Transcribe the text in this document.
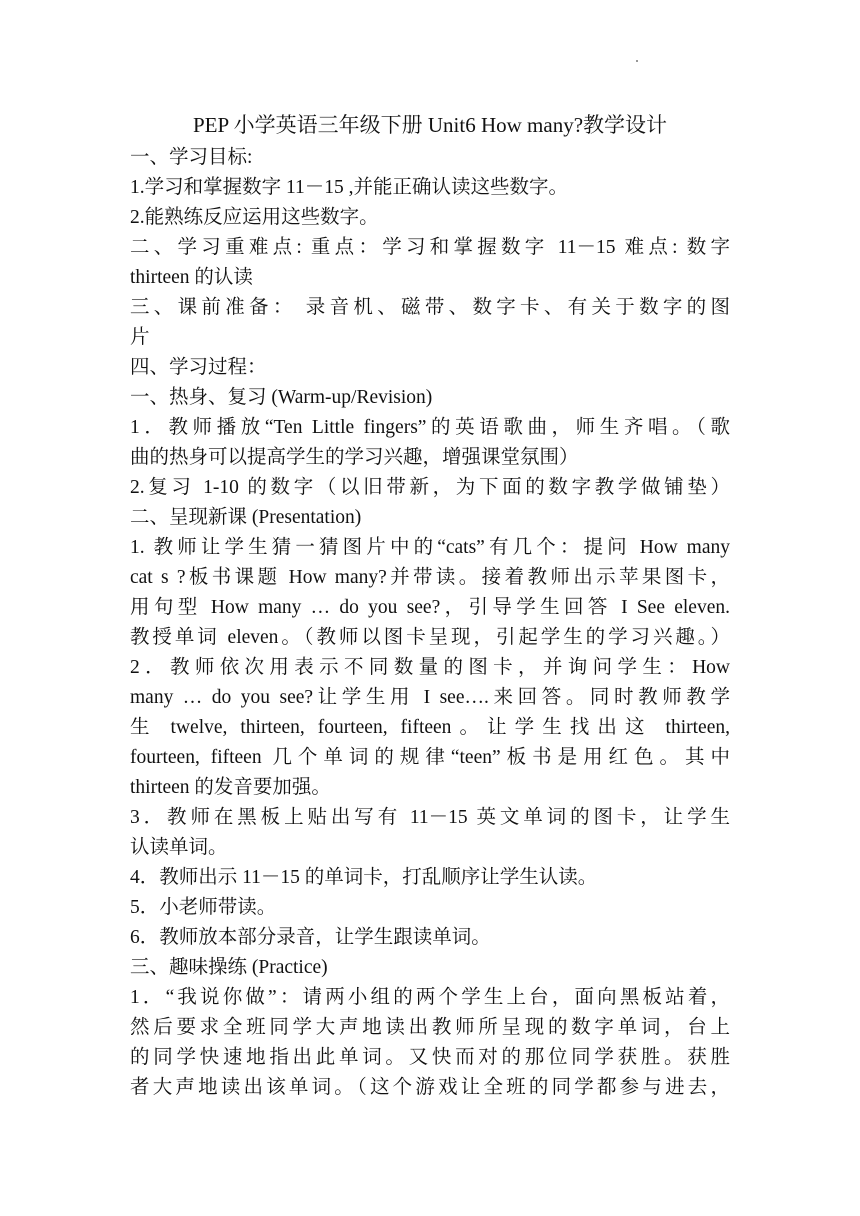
PEP 小学英语三年级下册 Unit6 How many?教学设计
一、学习目标:
1.学习和掌握数字 11－15 ,并能正确认读这些数字。
2.能熟练反应运用这些数字。
二、学习重难点: 重点：学习和掌握数字 11－15 难点: 数字
thirteen 的认读
三、课前准备： 录音机、磁带、数字卡、有关于数字的图
片
四、学习过程：
一、热身、复习 (Warm-up/Revision)
1．教师播放“Ten Little fingers”的英语歌曲，师生齐唱。（歌
曲的热身可以提高学生的学习兴趣，增强课堂氛围）
2.复习 1-10 的数字（以旧带新，为下面的数字教学做铺垫）
二、呈现新课 (Presentation)
1. 教师让学生猜一猜图片中的“cats”有几个：提问 How many
cat s ?板书课题 How many?并带读。接着教师出示苹果图卡，
用句型 How many … do you see?，引导学生回答 I See eleven.
教授单词 eleven。（教师以图卡呈现，引起学生的学习兴趣。）
2．教师依次用表示不同数量的图卡，并询问学生：How
many … do you see?让学生用 I see….来回答。同时教师教学
生 twelve, thirteen, fourteen, fifteen。让学生找出这 thirteen,
fourteen, fifteen 几个单词的规律“teen”板书是用红色。其中
thirteen 的发音要加强。
3．教师在黑板上贴出写有 11－15 英文单词的图卡，让学生
认读单词。
4．教师出示 11－15 的单词卡，打乱顺序让学生认读。
5．小老师带读。
6．教师放本部分录音，让学生跟读单词。
三、趣味操练 (Practice)
1．“我说你做”：请两小组的两个学生上台，面向黑板站着，
然后要求全班同学大声地读出教师所呈现的数字单词，台上
的同学快速地指出此单词。又快而对的那位同学获胜。获胜
者大声地读出该单词。（这个游戏让全班的同学都参与进去，
